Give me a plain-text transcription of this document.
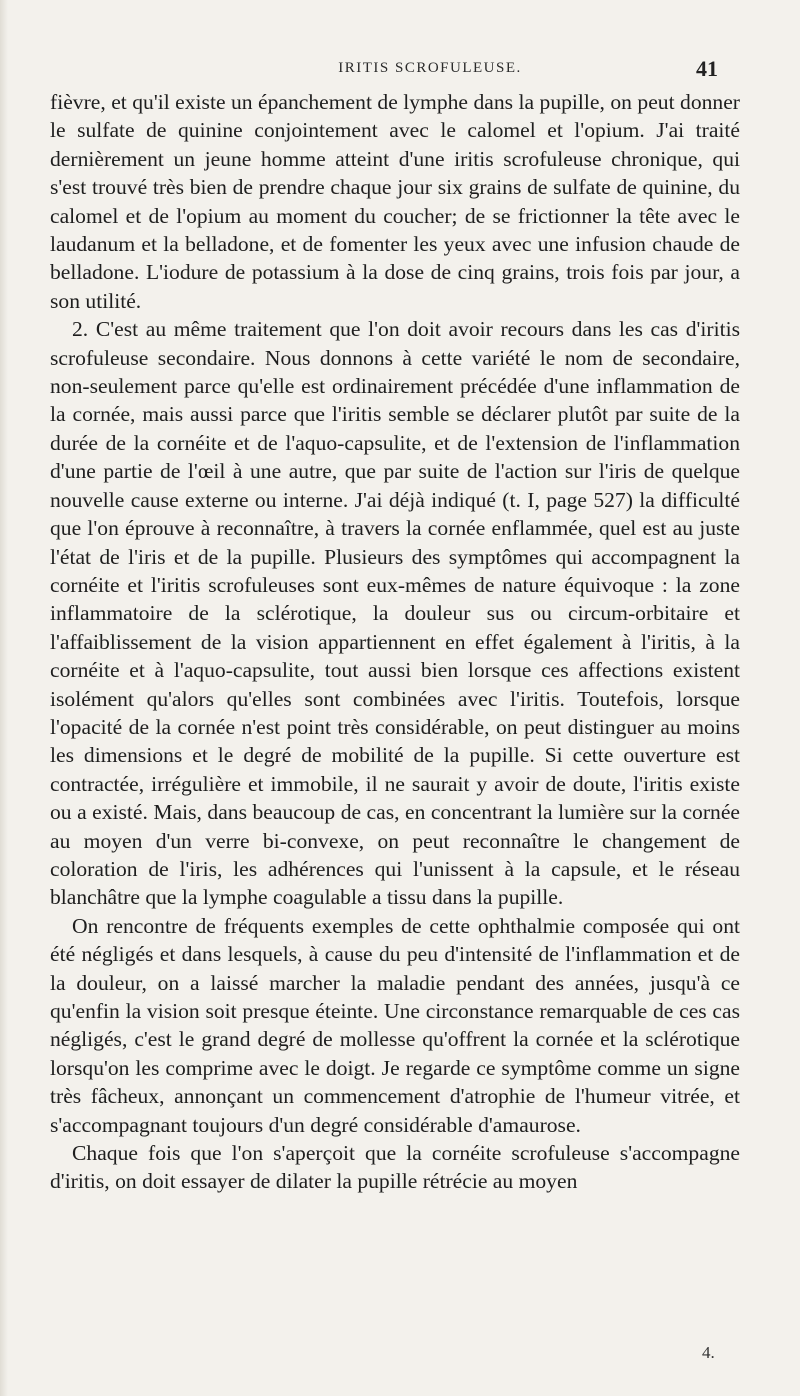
IRITIS SCROFULEUSE.	41

fièvre, et qu'il existe un épanchement de lymphe dans la pupille, on peut donner le sulfate de quinine conjointement avec le calomel et l'opium. J'ai traité dernièrement un jeune homme atteint d'une iritis scrofuleuse chronique, qui s'est trouvé très bien de prendre chaque jour six grains de sulfate de quinine, du calomel et de l'opium au moment du coucher; de se frictionner la tête avec le laudanum et la belladone, et de fomenter les yeux avec une infusion chaude de belladone. L'iodure de potassium à la dose de cinq grains, trois fois par jour, a son utilité.

2. C'est au même traitement que l'on doit avoir recours dans les cas d'iritis scrofuleuse secondaire. Nous donnons à cette variété le nom de secondaire, non-seulement parce qu'elle est ordinairement précédée d'une inflammation de la cornée, mais aussi parce que l'iritis semble se déclarer plutôt par suite de la durée de la cornéite et de l'aquo-capsulite, et de l'extension de l'inflammation d'une partie de l'œil à une autre, que par suite de l'action sur l'iris de quelque nouvelle cause externe ou interne. J'ai déjà indiqué (t. I, page 527) la difficulté que l'on éprouve à reconnaître, à travers la cornée enflammée, quel est au juste l'état de l'iris et de la pupille. Plusieurs des symptômes qui accompagnent la cornéite et l'iritis scrofuleuses sont eux-mêmes de nature équivoque : la zone inflammatoire de la sclérotique, la douleur sus ou circum-orbitaire et l'affaiblissement de la vision appartiennent en effet également à l'iritis, à la cornéite et à l'aquo-capsulite, tout aussi bien lorsque ces affections existent isolément qu'alors qu'elles sont combinées avec l'iritis. Toutefois, lorsque l'opacité de la cornée n'est point très considérable, on peut distinguer au moins les dimensions et le degré de mobilité de la pupille. Si cette ouverture est contractée, irrégulière et immobile, il ne saurait y avoir de doute, l'iritis existe ou a existé. Mais, dans beaucoup de cas, en concentrant la lumière sur la cornée au moyen d'un verre bi-convexe, on peut reconnaître le changement de coloration de l'iris, les adhérences qui l'unissent à la capsule, et le réseau blanchâtre que la lymphe coagulable a tissu dans la pupille.

On rencontre de fréquents exemples de cette ophthalmie composée qui ont été négligés et dans lesquels, à cause du peu d'intensité de l'inflammation et de la douleur, on a laissé marcher la maladie pendant des années, jusqu'à ce qu'enfin la vision soit presque éteinte. Une circonstance remarquable de ces cas négligés, c'est le grand degré de mollesse qu'offrent la cornée et la sclérotique lorsqu'on les comprime avec le doigt. Je regarde ce symptôme comme un signe très fâcheux, annonçant un commencement d'atrophie de l'humeur vitrée, et s'accompagnant toujours d'un degré considérable d'amaurose.

Chaque fois que l'on s'aperçoit que la cornéite scrofuleuse s'accompagne d'iritis, on doit essayer de dilater la pupille rétrécie au moyen

4.
